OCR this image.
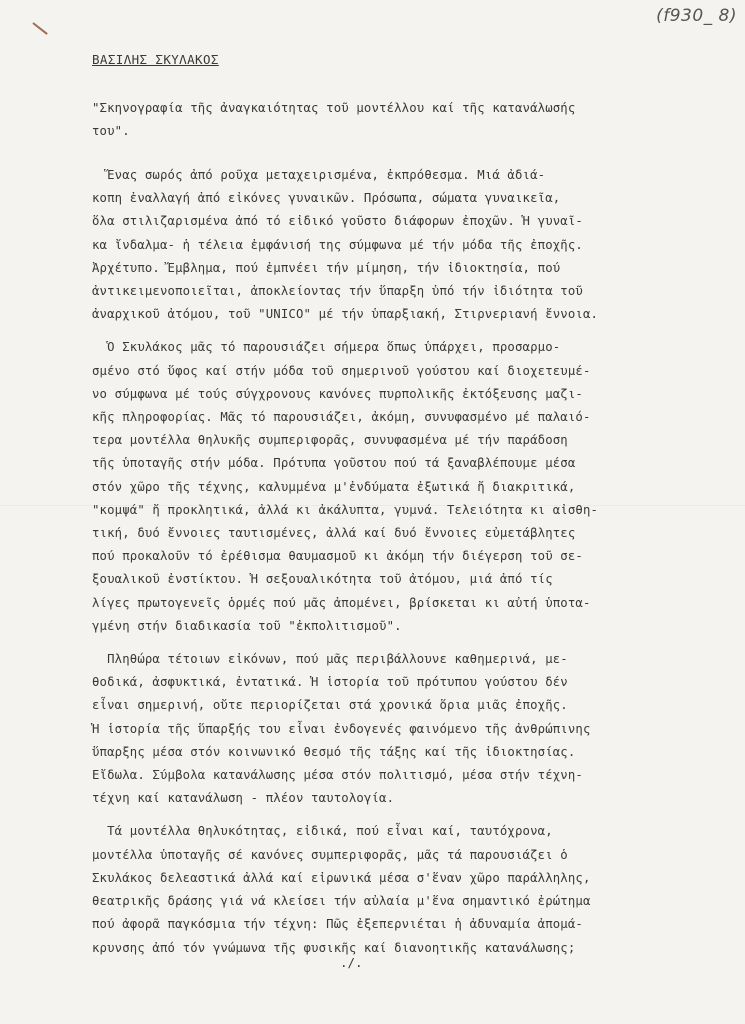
(f930_ 8)
ΒΑΣΙΛΗΣ ΣΚΥΛΑΚΟΣ
"Σκηνογραφία τῆς ἀναγκαιότητας τοῦ μοντέλλου καί τῆς κατανάλωσής
του".
Ἕνας σωρός ἀπό ροῦχα μεταχειρισμένα, ἐκπρόθεσμα. Μιά ἀδιά-
κοπη ἐναλλαγή ἀπό εἰκόνες γυναικῶν. Πρόσωπα, σώματα γυναικεῖα,
ὅλα στιλιζαρισμένα ἀπό τό εἰδικό γοῦστο διάφορων ἐποχῶν. Ἡ γυναῖ-
κα ἴνδαλμα- ἡ τέλεια ἐμφάνισή της σύμφωνα μέ τήν μόδα τῆς ἐποχῆς.
Ἀρχέτυπο. Ἔμβλημα, πού ἐμπνέει τήν μίμηση, τήν ἰδιοκτησία, πού
ἀντικειμενοποιεῖται, ἀποκλείοντας τήν ὕπαρξη ὑπό τήν ἰδιότητα τοῦ
ἀναρχικοῦ ἀτόμου, τοῦ "UNICO" μέ τήν ὑπαρξιακή, Στιρνεριανή ἔννοια.
Ὁ Σκυλάκος μᾶς τό παρουσιάζει σήμερα ὅπως ὑπάρχει, προσαρμο-
σμένο στό ὕφος καί στήν μόδα τοῦ σημερινοῦ γούστου καί διοχετευμέ-
νο σύμφωνα μέ τούς σύγχρονους κανόνες πυρπολικῆς ἐκτόξευσης μαζι-
κῆς πληροφορίας. Μᾶς τό παρουσιάζει, ἀκόμη, συνυφασμένο μέ παλαιό-
τερα μοντέλλα θηλυκῆς συμπεριφορᾶς, συνυφασμένα μέ τήν παράδοση
τῆς ὑποταγῆς στήν μόδα. Πρότυπα γοῦστου πού τά ξαναβλέπουμε μέσα
στόν χῶρο τῆς τέχνης, καλυμμένα μ'ἐνδύματα ἐξωτικά ἤ διακριτικά,
"κομψά" ἤ προκλητικά, ἀλλά κι ἀκάλυπτα, γυμνά. Τελειότητα κι αἰσθη-
τική, δυό ἔννοιες ταυτισμένες, ἀλλά καί δυό ἔννοιες εὐμετάβλητες
πού προκαλοῦν τό ἐρέθισμα θαυμασμοῦ κι ἀκόμη τήν διέγερση τοῦ σε-
ξουαλικοῦ ἐνστίκτου. Ἡ σεξουαλικότητα τοῦ ἀτόμου, μιά ἀπό τίς
λίγες πρωτογενεῖς ὁρμές πού μᾶς ἀπομένει, βρίσκεται κι αὐτή ὑποτα-
γμένη στήν διαδικασία τοῦ "ἐκπολιτισμοῦ".
Πληθώρα τέτοιων εἰκόνων, πού μᾶς περιβάλλουνε καθημερινά, με-
θοδικά, ἀσφυκτικά, ἐντατικά. Ἡ ἱστορία τοῦ πρότυπου γούστου δέν
εἶναι σημερινή, οὔτε περιορίζεται στά χρονικά ὅρια μιᾶς ἐποχῆς.
Ἡ ἱστορία τῆς ὕπαρξής του εἶναι ἐνδογενές φαινόμενο τῆς ἀνθρώπινης
ὕπαρξης μέσα στόν κοινωνικό θεσμό τῆς τάξης καί τῆς ἰδιοκτησίας.
Εἴδωλα. Σύμβολα κατανάλωσης μέσα στόν πολιτισμό, μέσα στήν τέχνη-
τέχνη καί κατανάλωση - πλέον ταυτολογία.
Τά μοντέλλα θηλυκότητας, εἰδικά, πού εἶναι καί, ταυτόχρονα,
μοντέλλα ὑποταγῆς σέ κανόνες συμπεριφορᾶς, μᾶς τά παρουσιάζει ὁ
Σκυλάκος δελεαστικά ἀλλά καί εἰρωνικά μέσα σ'ἕναν χῶρο παράλληλης,
θεατρικῆς δράσης γιά νά κλείσει τήν αὐλαία μ'ἕνα σημαντικό ἐρώτημα
πού ἀφορᾶ παγκόσμια τήν τέχνη: Πῶς ἐξεπερνιέται ἡ ἀδυναμία ἀπομά-
κρυνσης ἀπό τόν γνώμωνα τῆς φυσικῆς καί διανοητικῆς κατανάλωσης;
./.
